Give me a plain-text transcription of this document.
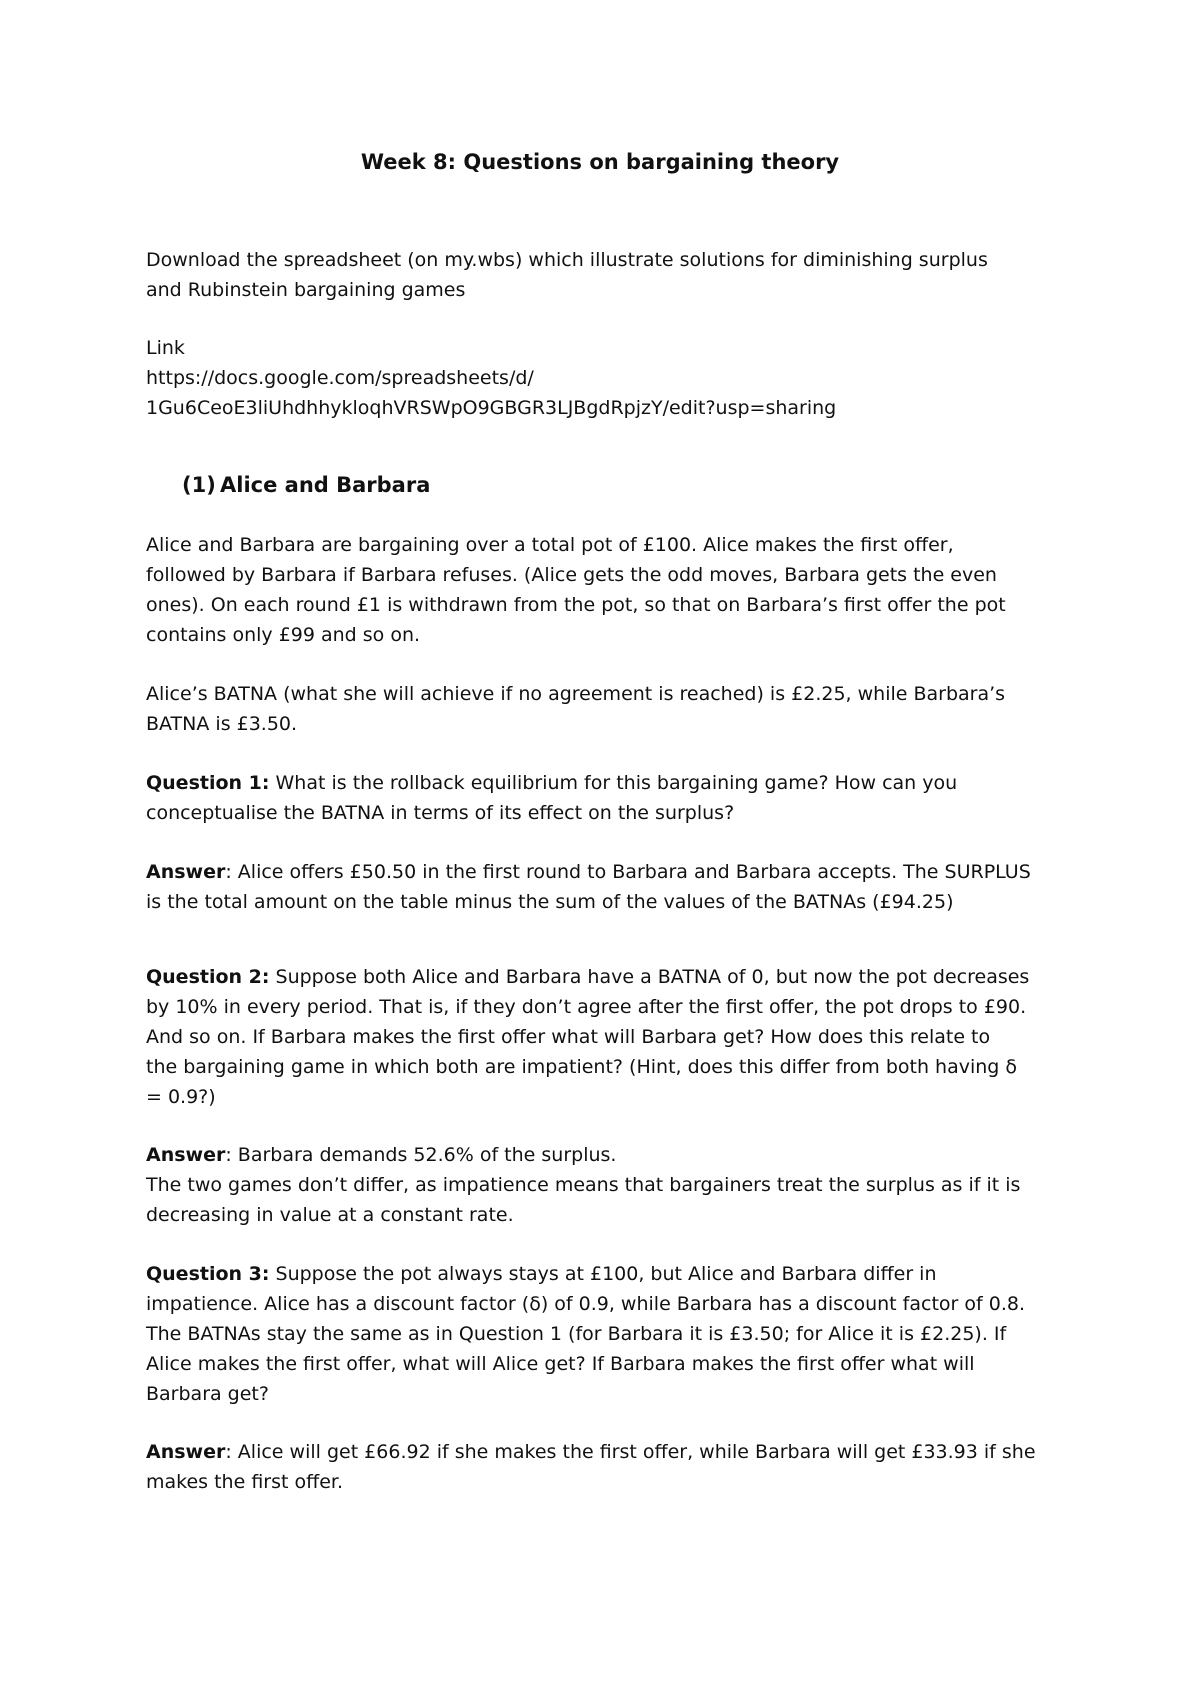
Week 8: Questions on bargaining theory

Download the spreadsheet (on my.wbs) which illustrate solutions for diminishing surplus

and Rubinstein bargaining games

Link

https://docs.google.com/spreadsheets/d/

1Gu6CeoE3liUhdhhykloqhVRSWpO9GBGR3LJBgdRpjzY/edit?usp=sharing

(1) Alice and Barbara

Alice and Barbara are bargaining over a total pot of £100. Alice makes the first offer,

followed by Barbara if Barbara refuses. (Alice gets the odd moves, Barbara gets the even

ones). On each round £1 is withdrawn from the pot, so that on Barbara’s first offer the pot

contains only £99 and so on.

Alice’s BATNA (what she will achieve if no agreement is reached) is £2.25, while Barbara’s

BATNA is £3.50.

Question 1: What is the rollback equilibrium for this bargaining game? How can you

conceptualise the BATNA in terms of its effect on the surplus?

Answer: Alice offers £50.50 in the first round to Barbara and Barbara accepts. The SURPLUS

is the total amount on the table minus the sum of the values of the BATNAs (£94.25)

Question 2: Suppose both Alice and Barbara have a BATNA of 0, but now the pot decreases

by 10% in every period. That is, if they don’t agree after the first offer, the pot drops to £90.

And so on. If Barbara makes the first offer what will Barbara get? How does this relate to

the bargaining game in which both are impatient? (Hint, does this differ from both having δ

= 0.9?)

Answer: Barbara demands 52.6% of the surplus.

The two games don’t differ, as impatience means that bargainers treat the surplus as if it is

decreasing in value at a constant rate.

Question 3: Suppose the pot always stays at £100, but Alice and Barbara differ in

impatience. Alice has a discount factor (δ) of 0.9, while Barbara has a discount factor of 0.8.

The BATNAs stay the same as in Question 1 (for Barbara it is £3.50; for Alice it is £2.25). If

Alice makes the first offer, what will Alice get? If Barbara makes the first offer what will

Barbara get?

Answer: Alice will get £66.92 if she makes the first offer, while Barbara will get £33.93 if she

makes the first offer.
